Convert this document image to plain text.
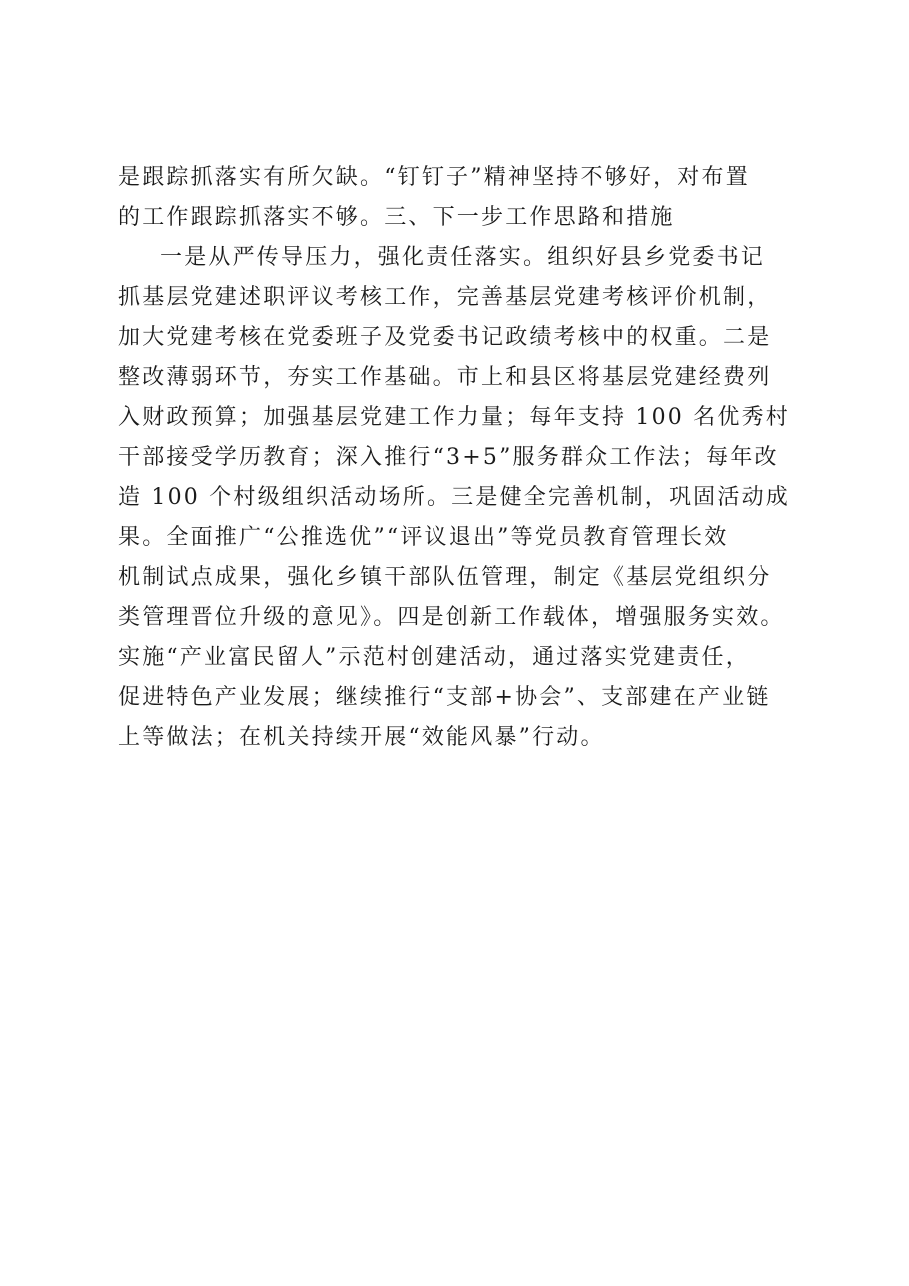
是跟踪抓落实有所欠缺。“钉钉子”精神坚持不够好，对布置
的工作跟踪抓落实不够。三、下一步工作思路和措施
一是从严传导压力，强化责任落实。组织好县乡党委书记
抓基层党建述职评议考核工作，完善基层党建考核评价机制，
加大党建考核在党委班子及党委书记政绩考核中的权重。二是
整改薄弱环节，夯实工作基础。市上和县区将基层党建经费列
入财政预算；加强基层党建工作力量；每年支持 100 名优秀村
干部接受学历教育；深入推行“3+5”服务群众工作法；每年改
造 100 个村级组织活动场所。三是健全完善机制，巩固活动成
果。全面推广“公推选优”“评议退出”等党员教育管理长效
机制试点成果，强化乡镇干部队伍管理，制定《基层党组织分
类管理晋位升级的意见》。四是创新工作载体，增强服务实效。
实施“产业富民留人”示范村创建活动，通过落实党建责任，
促进特色产业发展；继续推行“支部+协会”、支部建在产业链
上等做法；在机关持续开展“效能风暴”行动。
